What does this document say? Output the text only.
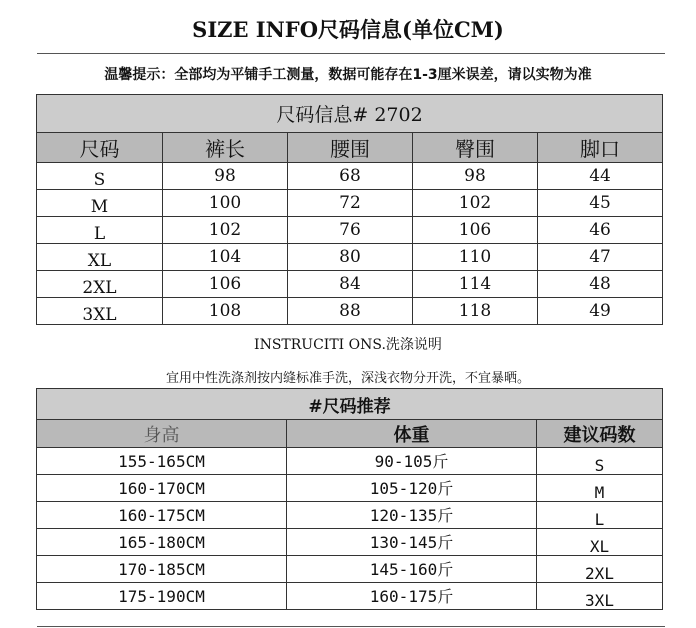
SIZE INFO尺码信息(单位CM)
温馨提示：全部均为平铺手工测量，数据可能存在1-3厘米误差，请以实物为准
尺码信息# 2702				
尺码	裤长	腰围	臀围	脚口
S	98	68	98	44
M	100	72	102	45
L	102	76	106	46
XL	104	80	110	47
2XL	106	84	114	48
3XL	108	88	118	49
INSTRUCITI ONS.洗涤说明
宜用中性洗涤剂按内缝标准手洗，深浅衣物分开洗，不宜暴晒。
#尺码推荐		
身高	体重	建议码数
155-165CM	90-105斤	S
160-170CM	105-120斤	M
160-175CM	120-135斤	L
165-180CM	130-145斤	XL
170-185CM	145-160斤	2XL
175-190CM	160-175斤	3XL
